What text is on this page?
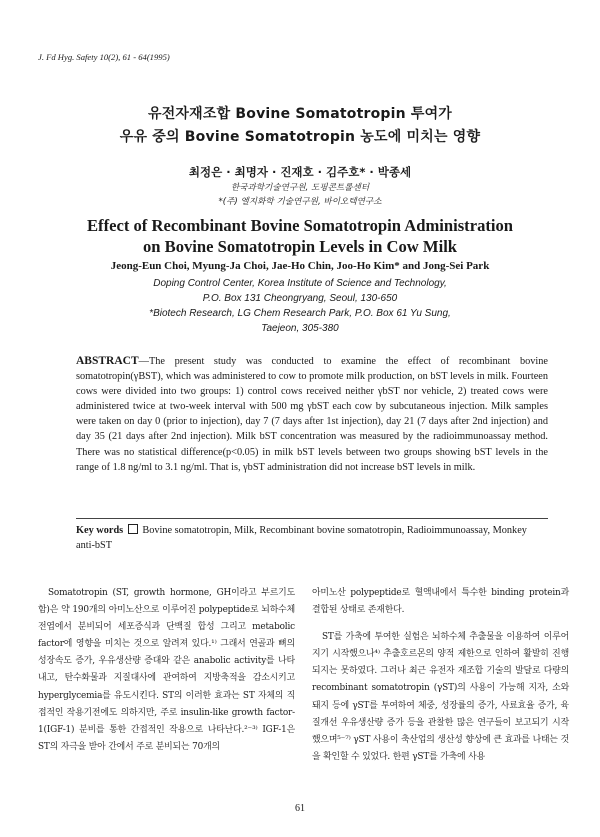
J. Fd Hyg. Safety 10(2), 61 - 64(1995)
유전자재조합 Bovine Somatotropin 투여가
우유 중의 Bovine Somatotropin 농도에 미치는 영향
최정은 · 최명자 · 진재호 · 김주호* · 박종세
한국과학기술연구원, 도핑콘트롤센터
*(주) 엘지화학 기술연구원, 바이오텍연구소
Effect of Recombinant Bovine Somatotropin Administration
on Bovine Somatotropin Levels in Cow Milk
Jeong-Eun Choi, Myung-Ja Choi, Jae-Ho Chin, Joo-Ho Kim* and Jong-Sei Park
Doping Control Center, Korea Institute of Science and Technology,
P.O. Box 131 Cheongryang, Seoul, 130-650
*Biotech Research, LG Chem Research Park, P.O. Box 61 Yu Sung,
Taejeon, 305-380
ABSTRACT—The present study was conducted to examine the effect of recombinant bovine somatotropin(γBST), which was administered to cow to promote milk production, on bST levels in milk. Fourteen cows were divided into two groups: 1) control cows received neither γbST nor vehicle, 2) treated cows were administered twice at two-week interval with 500 mg γbST each cow by subcutaneous injection. Milk samples were taken on day 0 (prior to injection), day 7 (7 days after 1st injection), day 21 (7 days after 2nd injection) and day 35 (21 days after 2nd injection). Milk bST concentration was measured by the radioimmunoassay method. There was no statistical difference(p<0.05) in milk bST levels between two groups showing bST levels in the range of 1.8 ng/ml to 3.1 ng/ml. That is, γbST administration did not increase bST levels in milk.
Key words Bovine somatotropin, Milk, Recombinant bovine somatotropin, Radioimmunoassay, Monkey anti-bST

Somatotropin (ST, growth hormone, GH이라고 부르기도 함)은 약 190개의 아미노산으로 이루어진 polypeptide로 뇌하수체 전엽에서 분비되어 세포증식과 단백질 합성 그리고 metabolic factor에 영향을 미치는 것으로 알려져 있다.¹⁾ 그래서 연골과 뼈의 성장속도 증가, 우유생산량 증대와 같은 anabolic activity를 나타내고, 탄수화물과 지질대사에 관여하여 지방축적을 감소시키고 hyperglycemia를 유도시킨다. ST의 이러한 효과는 ST 자체의 직접적인 작용기전에도 의하지만, 주로 insulin-like growth factor-1(IGF-1) 분비를 통한 간접적인 작용으로 나타난다.²⁻³⁾ IGF-1은 ST의 자극을 받아 간에서 주로 분비되는 70개의

아미노산 polypeptide로 혈액내에서 특수한 binding protein과 결합된 상태로 존재한다.

ST를 가축에 투여한 실험은 뇌하수체 추출물을 이용하여 이루어지기 시작했으나⁴⁾ 추출호르몬의 양적 제한으로 인하여 활발히 진행되지는 못하였다. 그러나 최근 유전자 재조합 기술의 발달로 다량의 recombinant somatotropin (γST)의 사용이 가능해 지자, 소와 돼지 등에 γST를 투여하여 체중, 성장률의 증가, 사료효율 증가, 육질개선 우유생산량 증가 등을 관찰한 많은 연구들이 보고되기 시작했으며⁵⁻⁷⁾ γST 사용이 축산업의 생산성 향상에 큰 효과를 나태는 것을 확인할 수 있었다. 한편 γST를 가축에 사용

61
